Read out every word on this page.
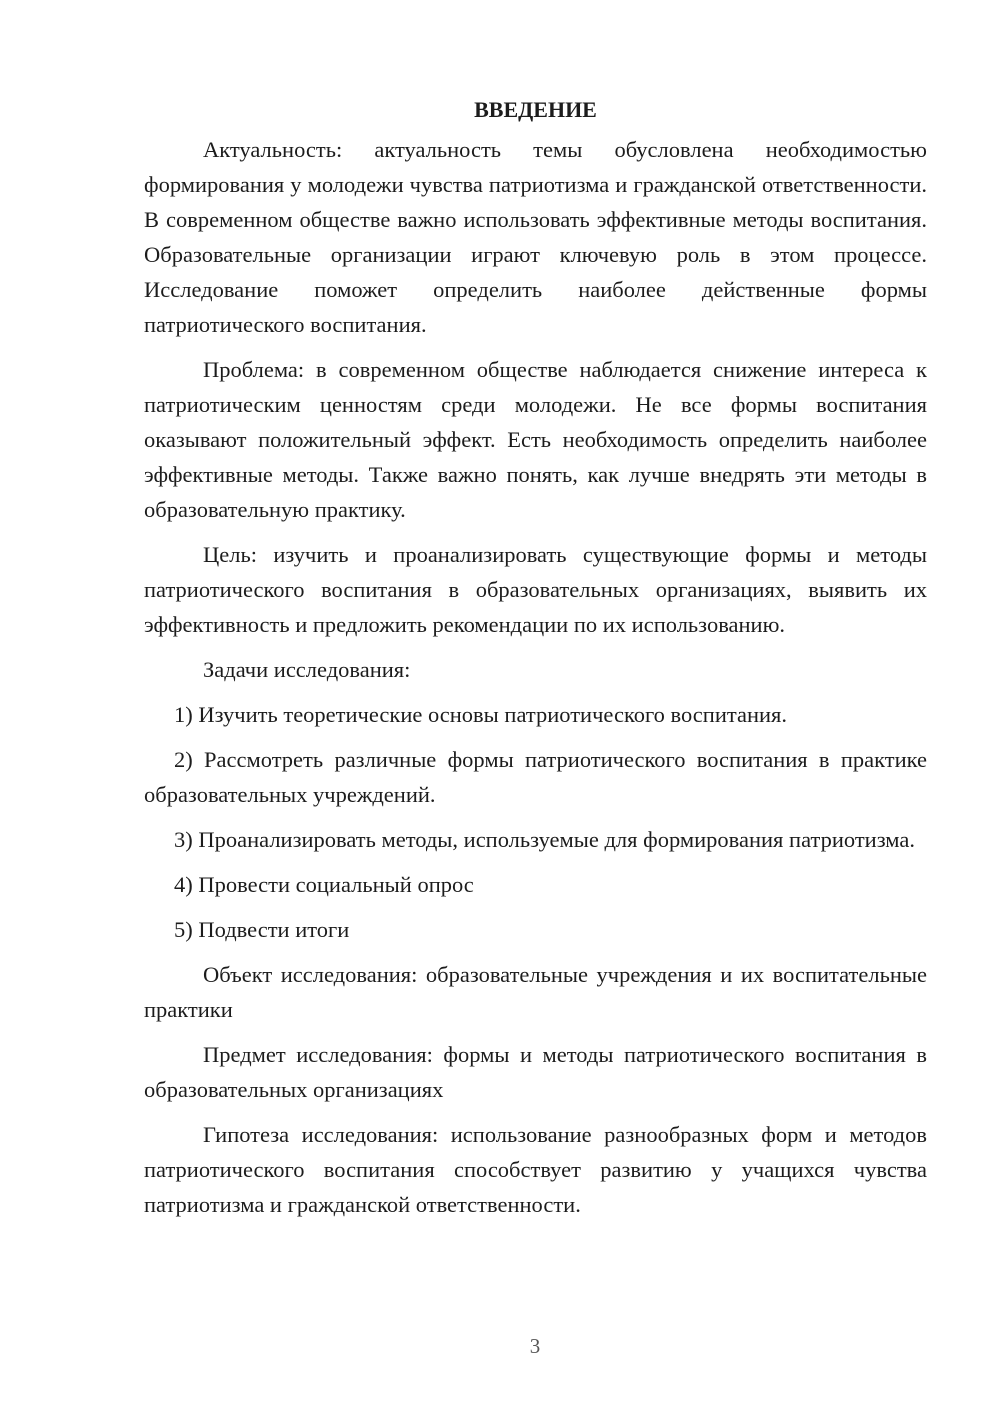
ВВЕДЕНИЕ

Актуальность: актуальность темы обусловлена необходимостью формирования у молодежи чувства патриотизма и гражданской ответственности. В современном обществе важно использовать эффективные методы воспитания. Образовательные организации играют ключевую роль в этом процессе. Исследование поможет определить наиболее действенные формы патриотического воспитания.

Проблема: в современном обществе наблюдается снижение интереса к патриотическим ценностям среди молодежи. Не все формы воспитания оказывают положительный эффект. Есть необходимость определить наиболее эффективные методы. Также важно понять, как лучше внедрять эти методы в образовательную практику.

Цель: изучить и проанализировать существующие формы и методы патриотического воспитания в образовательных организациях, выявить их эффективность и предложить рекомендации по их использованию.

Задачи исследования:

1) Изучить теоретические основы патриотического воспитания.

2) Рассмотреть различные формы патриотического воспитания в практике образовательных учреждений.

3) Проанализировать методы, используемые для формирования патриотизма.

4) Провести социальный опрос

5) Подвести итоги

Объект исследования: образовательные учреждения и их воспитательные практики

Предмет исследования: формы и методы патриотического воспитания в образовательных организациях

Гипотеза исследования: использование разнообразных форм и методов патриотического воспитания способствует развитию у учащихся чувства патриотизма и гражданской ответственности.

3
